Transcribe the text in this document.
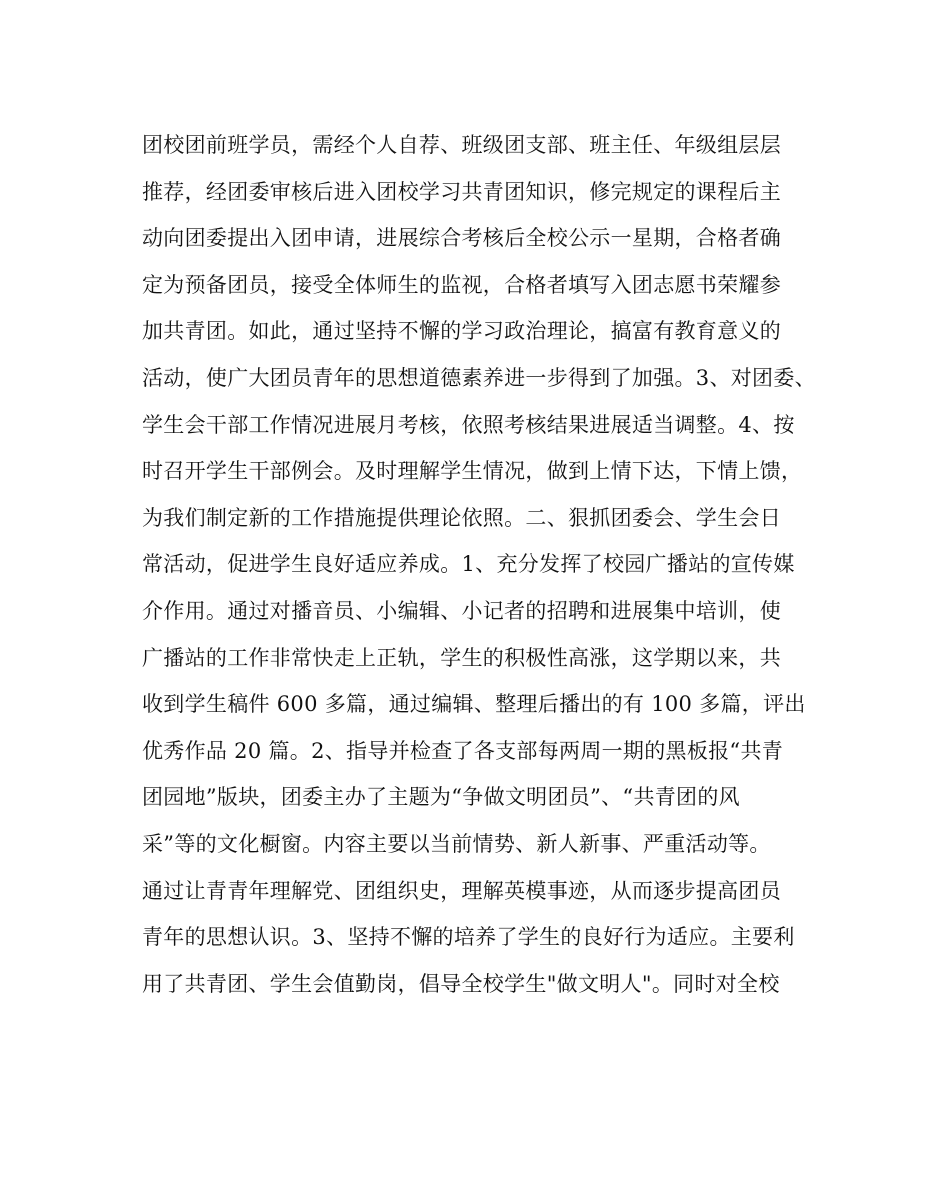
团校团前班学员，需经个人自荐、班级团支部、班主任、年级组层层
推荐，经团委审核后进入团校学习共青团知识，修完规定的课程后主
动向团委提出入团申请，进展综合考核后全校公示一星期，合格者确
定为预备团员，接受全体师生的监视，合格者填写入团志愿书荣耀参
加共青团。如此，通过坚持不懈的学习政治理论，搞富有教育意义的
活动，使广大团员青年的思想道德素养进一步得到了加强。3、对团委、
学生会干部工作情况进展月考核，依照考核结果进展适当调整。4、按
时召开学生干部例会。及时理解学生情况，做到上情下达，下情上馈，
为我们制定新的工作措施提供理论依照。二、狠抓团委会、学生会日
常活动，促进学生良好适应养成。1、充分发挥了校园广播站的宣传媒
介作用。通过对播音员、小编辑、小记者的招聘和进展集中培训，使
广播站的工作非常快走上正轨，学生的积极性高涨，这学期以来，共
收到学生稿件 600 多篇，通过编辑、整理后播出的有 100 多篇，评出
优秀作品 20 篇。2、指导并检查了各支部每两周一期的黑板报“共青
团园地”版块，团委主办了主题为“争做文明团员”、“共青团的风
采”等的文化橱窗。内容主要以当前情势、新人新事、严重活动等。
通过让青青年理解党、团组织史，理解英模事迹，从而逐步提高团员
青年的思想认识。3、坚持不懈的培养了学生的良好行为适应。主要利
用了共青团、学生会值勤岗，倡导全校学生"做文明人"。同时对全校
